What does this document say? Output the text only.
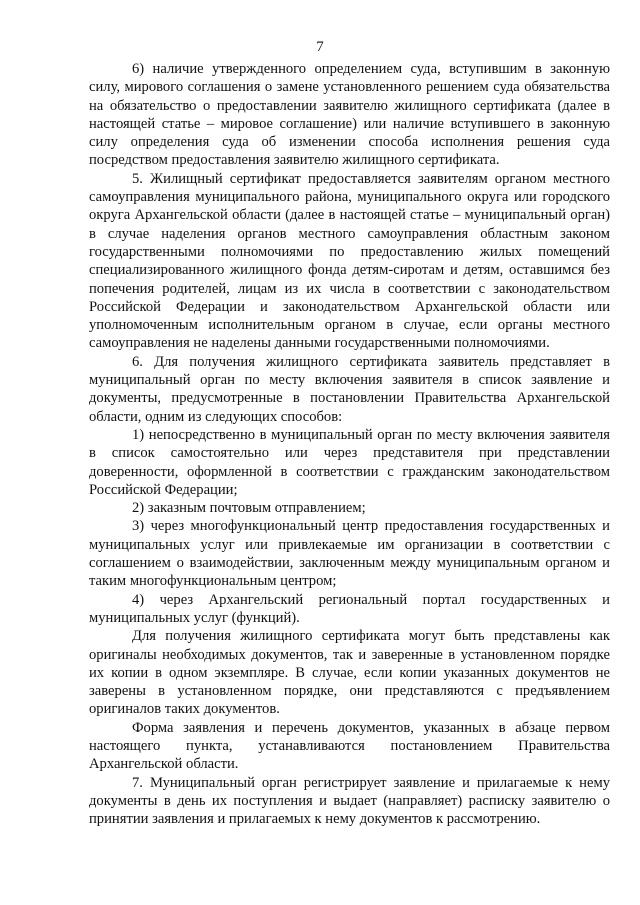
7

6) наличие утвержденного определением суда, вступившим в законную силу, мирового соглашения о замене установленного решением суда обязательства на обязательство о предоставлении заявителю жилищного сертификата (далее в настоящей статье – мировое соглашение) или наличие вступившего в законную силу определения суда об изменении способа исполнения решения суда посредством предоставления заявителю жилищного сертификата.

5. Жилищный сертификат предоставляется заявителям органом местного самоуправления муниципального района, муниципального округа или городского округа Архангельской области (далее в настоящей статье – муниципальный орган) в случае наделения органов местного самоуправления областным законом государственными полномочиями по предоставлению жилых помещений специализированного жилищного фонда детям-сиротам и детям, оставшимся без попечения родителей, лицам из их числа в соответствии с законодательством Российской Федерации и законодательством Архангельской области или уполномоченным исполнительным органом в случае, если органы местного самоуправления не наделены данными государственными полномочиями.

6. Для получения жилищного сертификата заявитель представляет в муниципальный орган по месту включения заявителя в список заявление и документы, предусмотренные в постановлении Правительства Архангельской области, одним из следующих способов:

1) непосредственно в муниципальный орган по месту включения заявителя в список самостоятельно или через представителя при представлении доверенности, оформленной в соответствии с гражданским законодательством Российской Федерации;

2) заказным почтовым отправлением;

3) через многофункциональный центр предоставления государственных и муниципальных услуг или привлекаемые им организации в соответствии с соглашением о взаимодействии, заключенным между муниципальным органом и таким многофункциональным центром;

4) через Архангельский региональный портал государственных и муниципальных услуг (функций).

Для получения жилищного сертификата могут быть представлены как оригиналы необходимых документов, так и заверенные в установленном порядке их копии в одном экземпляре. В случае, если копии указанных документов не заверены в установленном порядке, они представляются с предъявлением оригиналов таких документов.

Форма заявления и перечень документов, указанных в абзаце первом настоящего пункта, устанавливаются постановлением Правительства Архангельской области.

7. Муниципальный орган регистрирует заявление и прилагаемые к нему документы в день их поступления и выдает (направляет) расписку заявителю о принятии заявления и прилагаемых к нему документов к рассмотрению.
